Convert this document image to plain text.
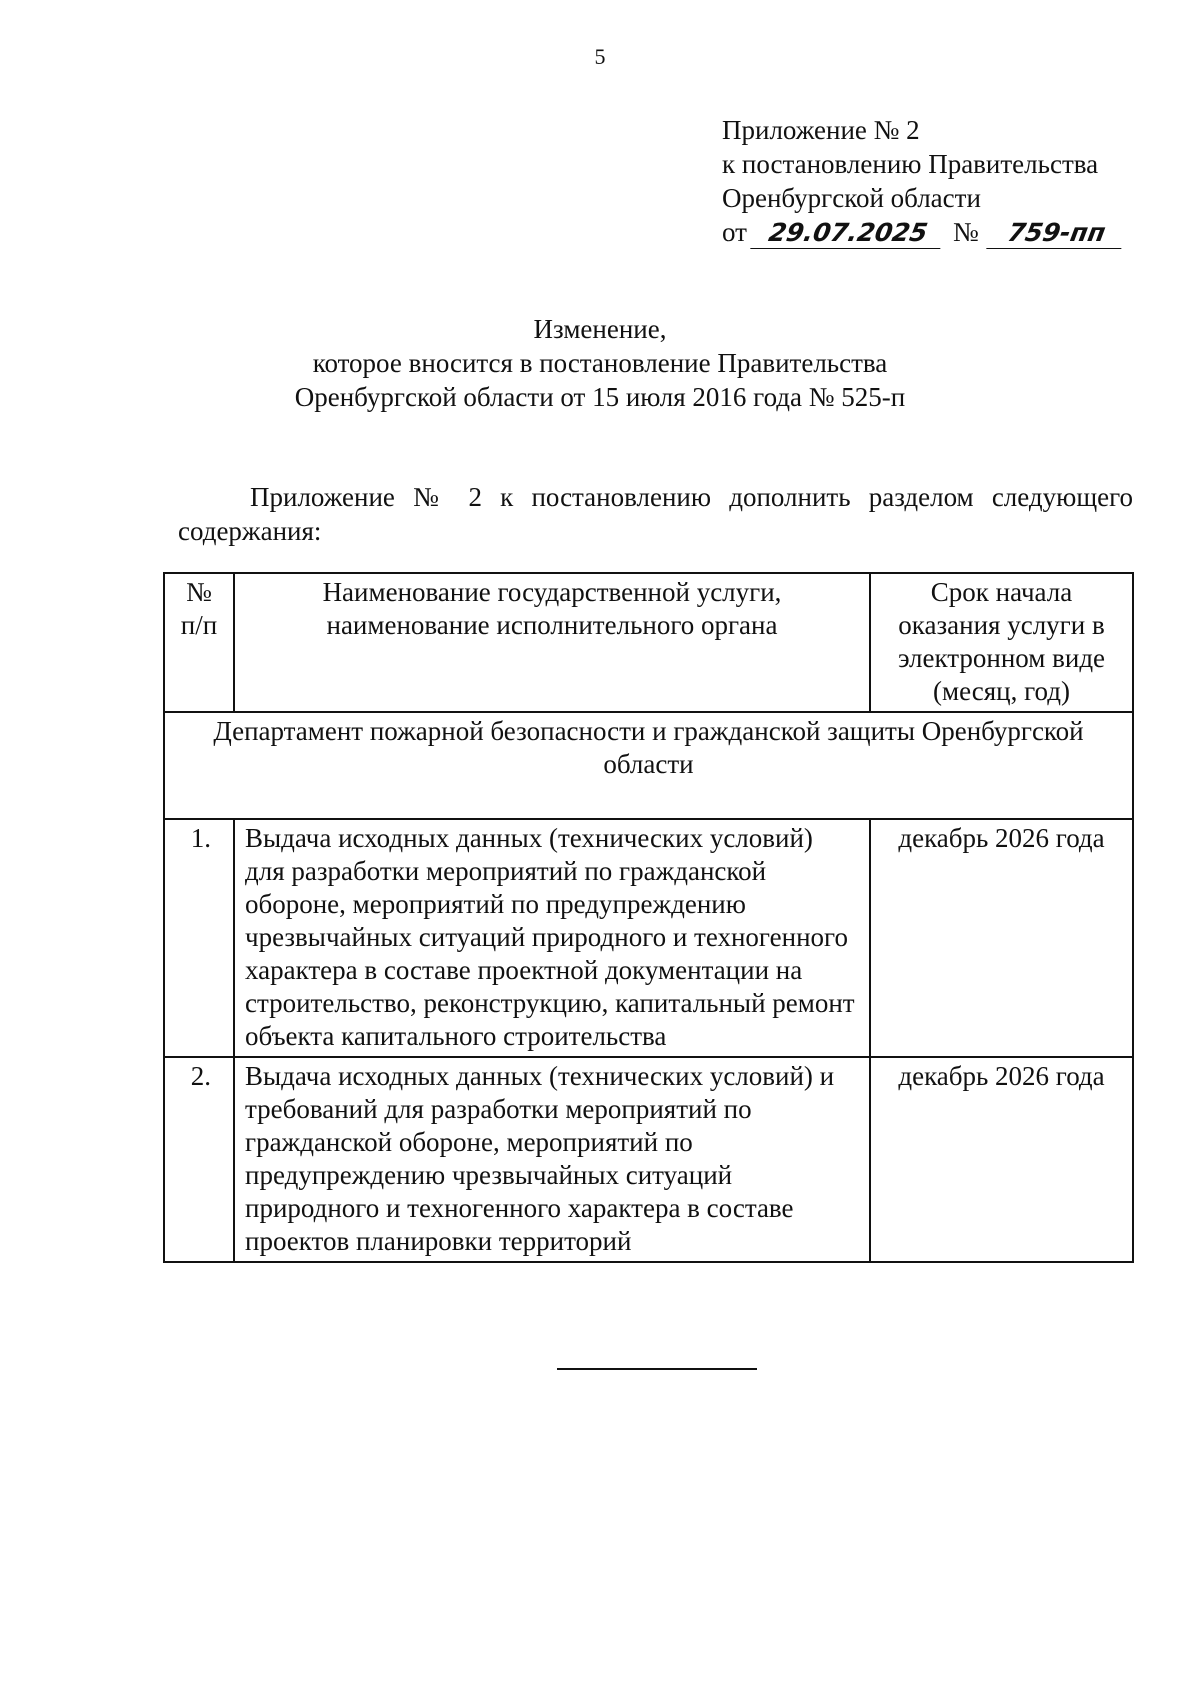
5
Приложение № 2
к постановлению Правительства
Оренбургской области
от 29.07.2025 № 759-пп
Изменение,
которое вносится в постановление Правительства
Оренбургской области от 15 июля 2016 года № 525-п
Приложение № 2 к постановлению дополнить разделом следующего содержания:
№ п/п	Наименование государственной услуги, наименование исполнительного органа	Срок начала оказания услуги в электронном виде (месяц, год)
Департамент пожарной безопасности и гражданской защиты Оренбургской области		
1.	Выдача исходных данных (технических условий) для разработки мероприятий по гражданской обороне, мероприятий по предупреждению чрезвычайных ситуаций природного и техногенного характера в составе проектной документации на строительство, реконструкцию, капитальный ремонт объекта капитального строительства	декабрь 2026 года
2.	Выдача исходных данных (технических условий) и требований для разработки мероприятий по гражданской обороне, мероприятий по предупреждению чрезвычайных ситуаций природного и техногенного характера в составе проектов планировки территорий	декабрь 2026 года
